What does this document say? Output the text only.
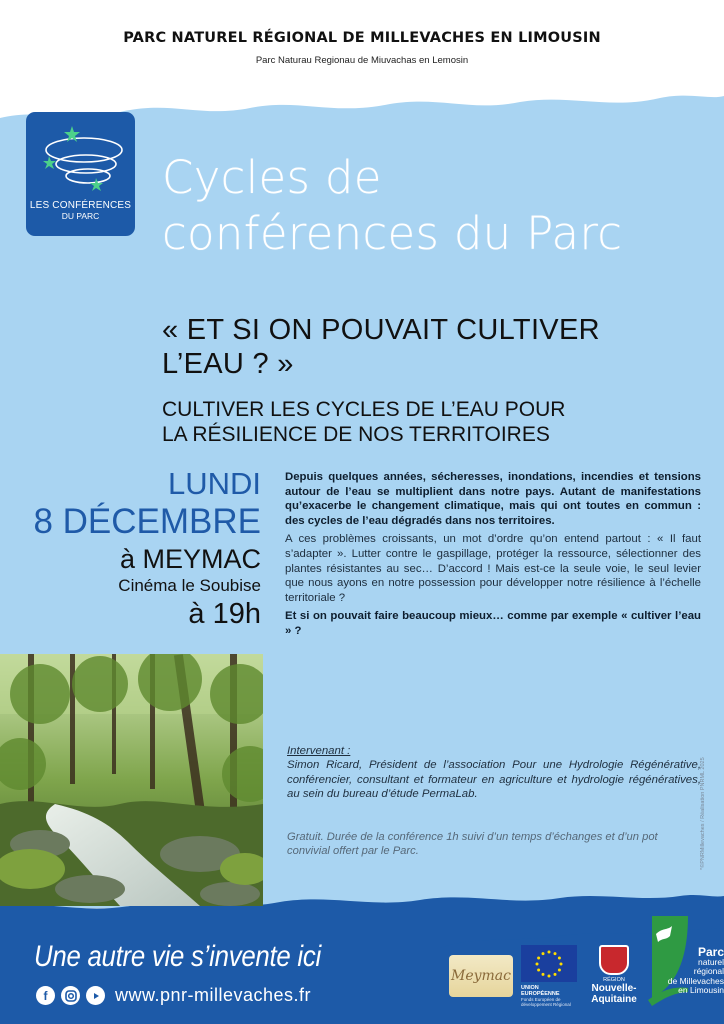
PARC NATUREL RÉGIONAL DE MILLEVACHES EN LIMOUSIN
Parc Naturau Regionau de Miuvachas en Lemosin
LES CONFÉRENCES
DU PARC
Cycles de
conférences du Parc
« ET SI ON POUVAIT CULTIVER
L’EAU ? »
CULTIVER LES CYCLES DE L’EAU POUR
LA RÉSILIENCE DE NOS TERRITOIRES
LUNDI
8 DÉCEMBRE
à MEYMAC
Cinéma le Soubise
à 19h

Depuis quelques années, sécheresses, inondations, incendies et tensions autour de l’eau se multiplient dans notre pays. Autant de manifestations qu’exacerbe le changement climatique, mais qui ont toutes en commun : des cycles de l’eau dégradés dans nos territoires.

A ces problèmes croissants, un mot d’ordre qu’on entend partout : « Il faut s’adapter ». Lutter contre le gaspillage, protéger la ressource, sélectionner des plantes résistantes au sec… D’accord ! Mais est-ce la seule voie, le seul levier que nous ayons en notre possession pour développer notre résilience à l’échelle territoriale ?

Et si on pouvait faire beaucoup mieux… comme par exemple « cultiver l’eau » ?

Intervenant :
Simon Ricard, Président de l’association Pour une Hydrologie Régénérative, conférencier, consultant et formateur en agriculture et hydrologie régénératives, au sein du bureau d’étude PermaLab.
Gratuit. Durée de la conférence 1h suivi d’un temps d’échanges et d’un pot convivial offert par le Parc.	*©PNRMillevaches / Réalisation PNRML 2025
Une autre vie s’invente ici
f	www.pnr-millevaches.fr
Meymac
UNION EUROPÉENNE
Fonds Européen de développement Régional
RÉGION
Nouvelle-
Aquitaine
Parc
naturel
régional
de Millevaches
en Limousin
